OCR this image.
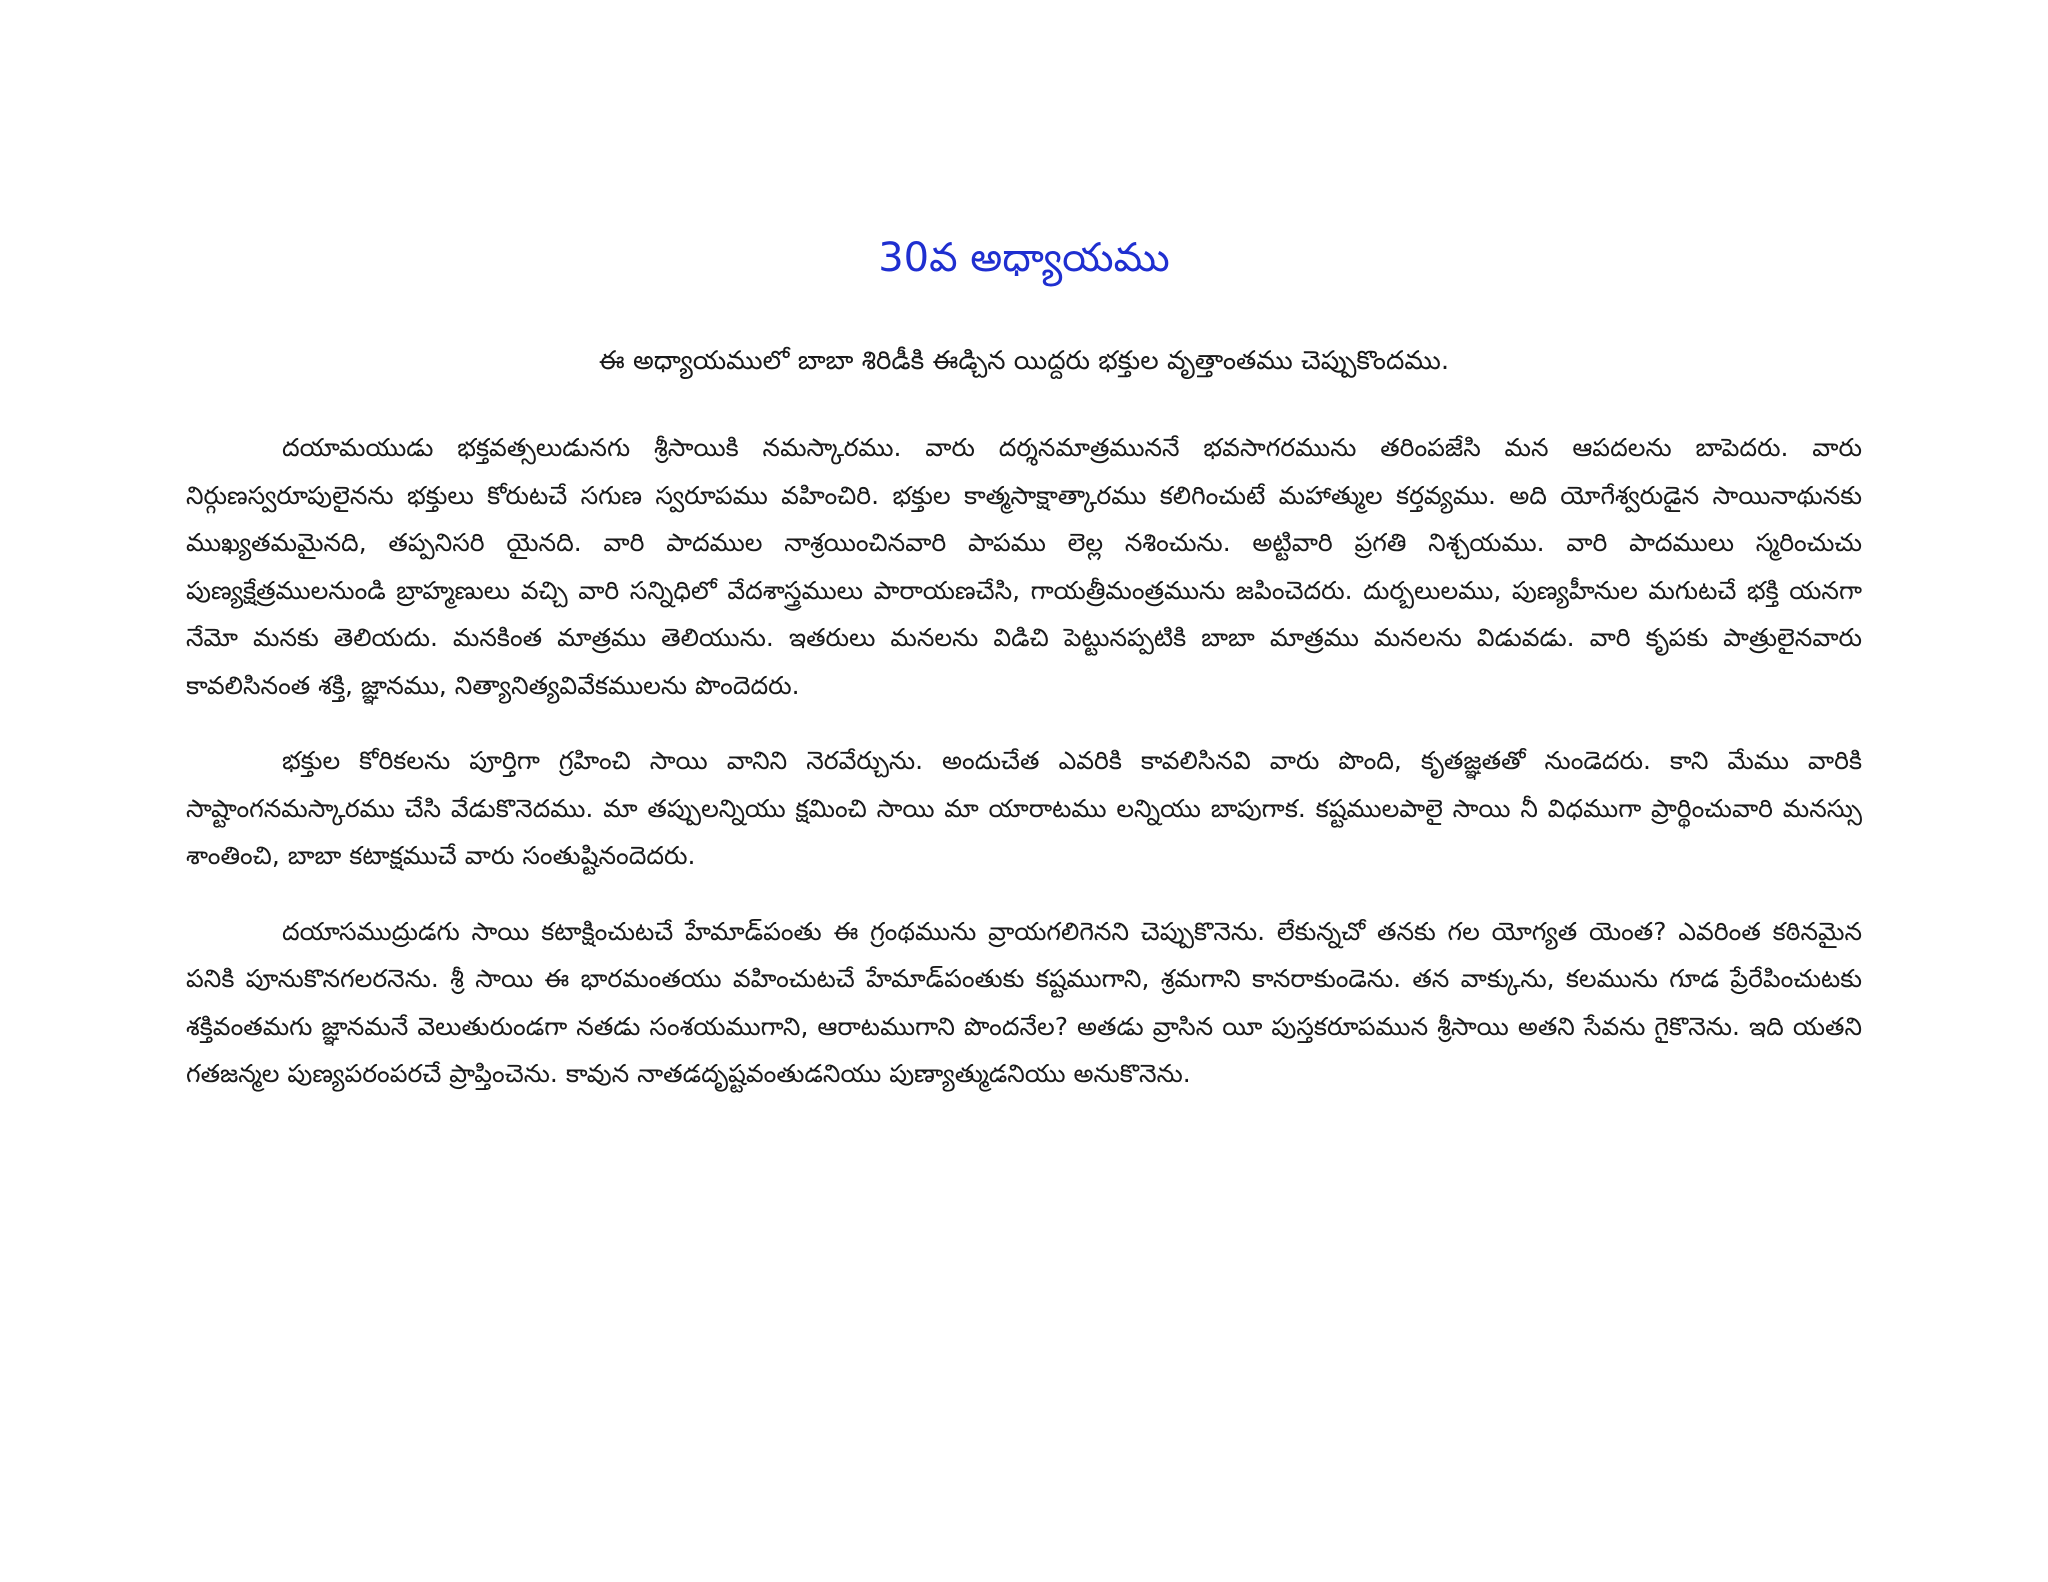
30వ అధ్యాయము
ఈ అధ్యాయములో బాబా శిరిడీకి ఈడ్చిన యిద్దరు భక్తుల వృత్తాంతము చెప్పుకొందము.

దయామయుడు భక్తవత్సలుడునగు శ్రీసాయికి నమస్కారము. వారు దర్శనమాత్రముననే భవసాగరమును తరింపజేసి మన ఆపదలను బాపెదరు. వారు నిర్గుణస్వరూపులైనను భక్తులు కోరుటచే సగుణ స్వరూపము వహించిరి. భక్తుల కాత్మసాక్షాత్కారము కలిగించుటే మహాత్ముల కర్తవ్యము. అది యోగేశ్వరుడైన సాయినాథునకు ముఖ్యతమమైనది, తప్పనిసరి యైనది. వారి పాదముల నాశ్రయించినవారి పాపము లెల్ల నశించును. అట్టివారి ప్రగతి నిశ్చయము. వారి పాదములు స్మరించుచు పుణ్యక్షేత్రములనుండి బ్రాహ్మణులు వచ్చి వారి సన్నిధిలో వేదశాస్త్రములు పారాయణచేసి, గాయత్రీమంత్రమును జపించెదరు. దుర్బలులము, పుణ్యహీనుల మగుటచే భక్తి యనగా నేమో మనకు తెలియదు. మనకింత మాత్రము తెలియును. ఇతరులు మనలను విడిచి పెట్టునప్పటికి బాబా మాత్రము మనలను విడువడు. వారి కృపకు పాత్రులైనవారు కావలిసినంత శక్తి, జ్ఞానము, నిత్యానిత్యవివేకములను పొందెదరు.

భక్తుల కోరికలను పూర్తిగా గ్రహించి సాయి వానిని నెరవేర్చును. అందుచేత ఎవరికి కావలిసినవి వారు పొంది, కృతజ్ఞతతో నుండెదరు. కాని మేము వారికి సాష్టాంగనమస్కారము చేసి వేడుకొనెదము. మా తప్పులన్నియు క్షమించి సాయి మా యారాటము లన్నియు బాపుగాక. కష్టములపాలై సాయి నీ విధముగా ప్రార్థించువారి మనస్సు శాంతించి, బాబా కటాక్షముచే వారు సంతుష్టినందెదరు.

దయాసముద్రుడగు సాయి కటాక్షించుటచే హేమాడ్‌పంతు ఈ గ్రంథమును వ్రాయగలిగెనని చెప్పుకొనెను. లేకున్నచో తనకు గల యోగ్యత యెంత? ఎవరింత కఠినమైన పనికి పూనుకొనగలరనెను. శ్రీ సాయి ఈ భారమంతయు వహించుటచే హేమాడ్‌పంతుకు కష్టముగాని, శ్రమగాని కానరాకుండెను. తన వాక్కును, కలమును గూడ ప్రేరేపించుటకు శక్తివంతమగు జ్ఞానమనే వెలుతురుండగా నతడు సంశయముగాని, ఆరాటముగాని పొందనేల? అతడు వ్రాసిన యీ పుస్తకరూపమున శ్రీసాయి అతని సేవను గైకొనెను. ఇది యతని గతజన్మల పుణ్యపరంపరచే ప్రాప్తించెను. కావున నాతడదృష్టవంతుడనియు పుణ్యాత్ముడనియు అనుకొనెను.
